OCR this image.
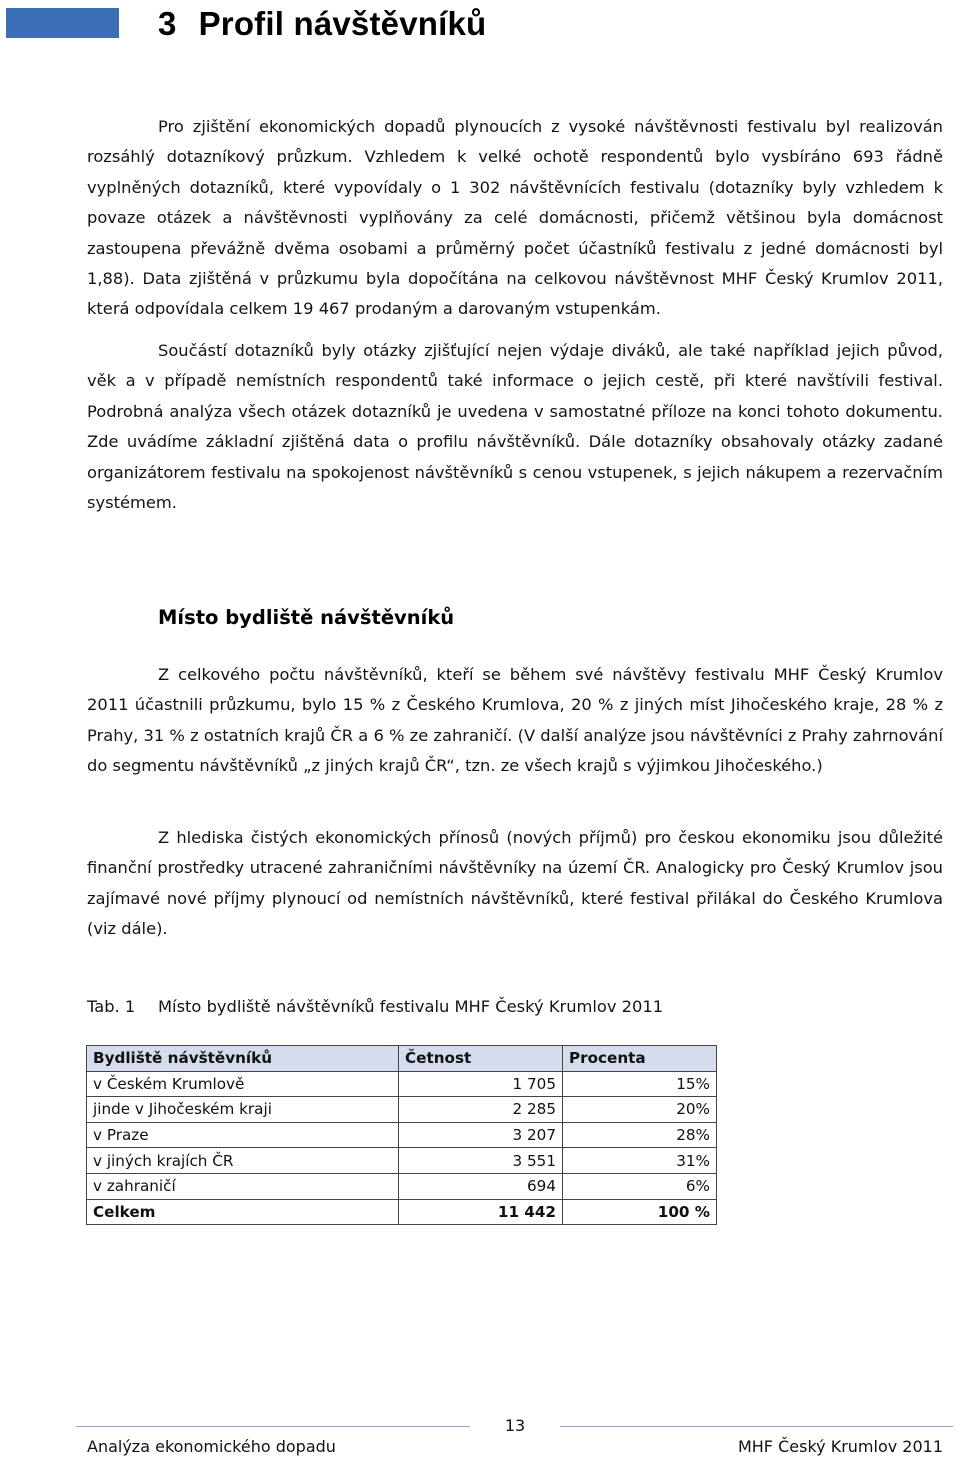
3 Profil návštěvníků

Pro zjištění ekonomických dopadů plynoucích z vysoké návštěvnosti festivalu byl realizován rozsáhlý dotazníkový průzkum. Vzhledem k velké ochotě respondentů bylo vysbíráno 693 řádně vyplněných dotazníků, které vypovídaly o 1 302 návštěvnících festivalu (dotazníky byly vzhledem k povaze otázek a návštěvnosti vyplňovány za celé domácnosti, přičemž většinou byla domácnost zastoupena převážně dvěma osobami a průměrný počet účastníků festivalu z jedné domácnosti byl 1,88). Data zjištěná v průzkumu byla dopočítána na celkovou návštěvnost MHF Český Krumlov 2011, která odpovídala celkem 19 467 prodaným a darovaným vstupenkám.

Součástí dotazníků byly otázky zjišťující nejen výdaje diváků, ale také například jejich původ, věk a v případě nemístních respondentů také informace o jejich cestě, při které navštívili festival. Podrobná analýza všech otázek dotazníků je uvedena v samostatné příloze na konci tohoto dokumentu. Zde uvádíme základní zjištěná data o profilu návštěvníků. Dále dotazníky obsahovaly otázky zadané organizátorem festivalu na spokojenost návštěvníků s cenou vstupenek, s jejich nákupem a rezervačním systémem.

Místo bydliště návštěvníků

Z celkového počtu návštěvníků, kteří se během své návštěvy festivalu MHF Český Krumlov 2011 účastnili průzkumu, bylo 15 % z Českého Krumlova, 20 % z jiných míst Jihočeského kraje, 28 % z Prahy, 31 % z ostatních krajů ČR a 6 % ze zahraničí. (V další analýze jsou návštěvníci z Prahy zahrnování do segmentu návštěvníků „z jiných krajů ČR“, tzn. ze všech krajů s výjimkou Jihočeského.)

Z hlediska čistých ekonomických přínosů (nových příjmů) pro českou ekonomiku jsou důležité finanční prostředky utracené zahraničními návštěvníky na území ČR. Analogicky pro Český Krumlov jsou zajímavé nové příjmy plynoucí od nemístních návštěvníků, které festival přilákal do Českého Krumlova (viz dále).

Tab. 1 Místo bydliště návštěvníků festivalu MHF Český Krumlov 2011
Bydliště návštěvníků	Četnost	Procenta
v Českém Krumlově	1 705	15%
jinde v Jihočeském kraji	2 285	20%
v Praze	3 207	28%
v jiných krajích ČR	3 551	31%
v zahraničí	694	6%
Celkem	11 442	100 %
13
Analýza ekonomického dopadu	MHF Český Krumlov 2011
